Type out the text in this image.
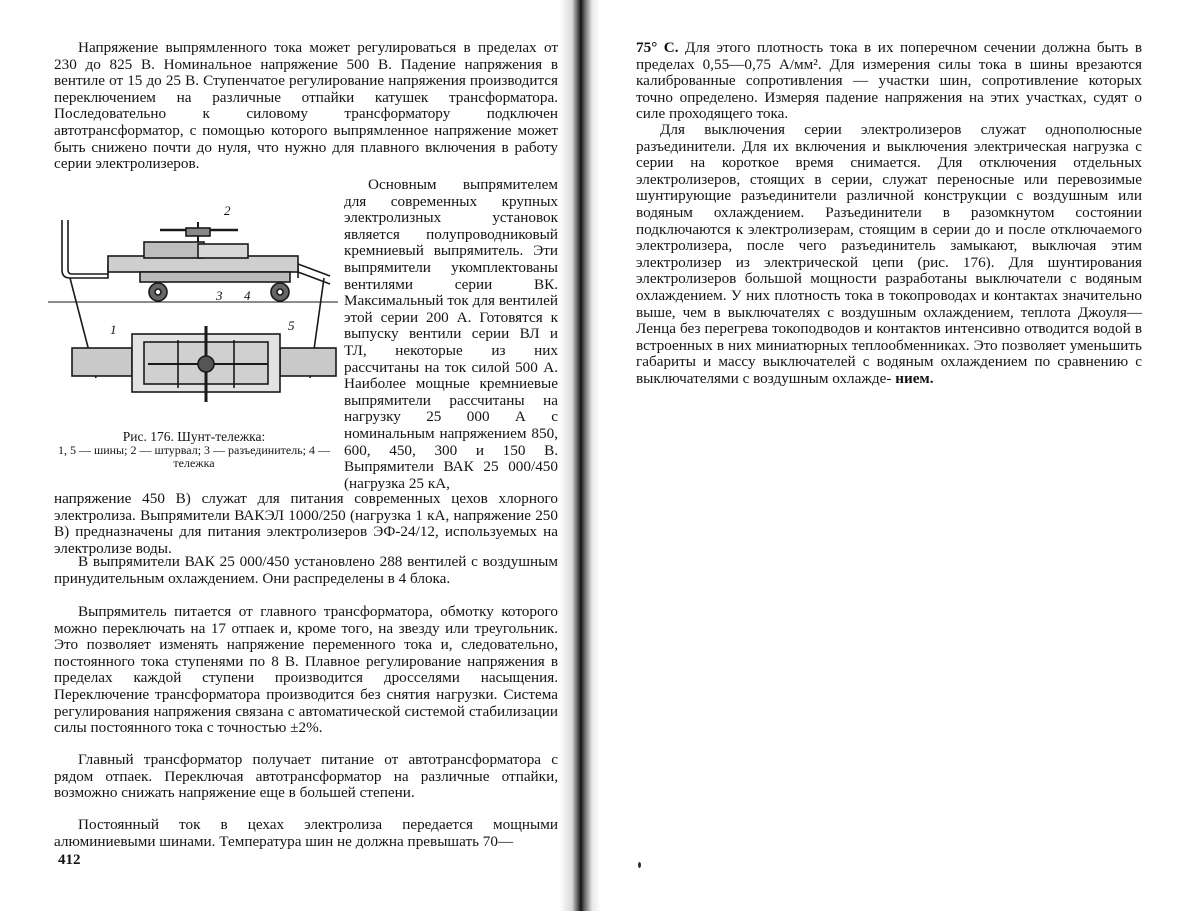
Напряжение выпрямленного тока может регулироваться в пределах от 230 до 825 В. Номинальное напряжение 500 В. Падение напряжения в вентиле от 15 до 25 В. Ступенчатое регулирование напряжения производится переключением на различные отпайки катушек трансформатора. Последовательно к силовому трансформатору подключен автотрансформатор, с помощью которого выпрямленное напряжение может быть снижено почти до нуля, что нужно для плавного включения в работу серии электролизеров.

2
3 4
1	5
Рис. 176. Шунт-тележка:
1, 5 — шины; 2 — штурвал; 3 — разъединитель; 4 — тележка

Основным выпрямителем для современных крупных электролизных установок является полупроводниковый кремниевый выпрямитель. Эти выпрямители укомплектованы вентилями серии ВК. Максимальный ток для вентилей этой серии 200 А. Готовятся к выпуску вентили серии ВЛ и ТЛ, некоторые из них рассчитаны на ток силой 500 А. Наиболее мощные кремниевые выпрямители рассчитаны на нагрузку 25 000 А с номинальным напряжением 850, 600, 450, 300 и 150 В. Выпрямители ВАК 25 000/450 (нагрузка 25 кА,

напряжение 450 В) служат для питания современных цехов хлорного электролиза. Выпрямители ВАКЭЛ 1000/250 (нагрузка 1 кА, напряжение 250 В) предназначены для питания электролизеров ЭФ-24/12, используемых на электролизе воды.

В выпрямители ВАК 25 000/450 установлено 288 вентилей с воздушным принудительным охлаждением. Они распределены в 4 блока.

Выпрямитель питается от главного трансформатора, обмотку которого можно переключать на 17 отпаек и, кроме того, на звезду или треугольник. Это позволяет изменять напряжение переменного тока и, следовательно, постоянного тока ступенями по 8 В. Плавное регулирование напряжения в пределах каждой ступени производится дросселями насыщения. Переключение трансформатора производится без снятия нагрузки. Система регулирования напряжения связана с автоматической системой стабилизации силы постоянного тока с точностью ±2%.

Главный трансформатор получает питание от автотрансформатора с рядом отпаек. Переключая автотрансформатор на различные отпайки, возможно снижать напряжение еще в большей степени.

Постоянный ток в цехах электролиза передается мощными алюминиевыми шинами. Температура шин не должна превышать 70—

412

75° С. Для этого плотность тока в их поперечном сечении должна быть в пределах 0,55—0,75 А/мм². Для измерения силы тока в шины врезаются калиброванные сопротивления — участки шин, сопротивление которых точно определено. Измеряя падение напряжения на этих участках, судят о силе проходящего тока.

Для выключения серии электролизеров служат однополюсные разъединители. Для их включения и выключения электрическая нагрузка с серии на короткое время снимается. Для отключения отдельных электролизеров, стоящих в серии, служат переносные или перевозимые шунтирующие разъединители различной конструкции с воздушным или водяным охлаждением. Разъединители в разомкнутом состоянии подключаются к электролизерам, стоящим в серии до и после отключаемого электролизера, после чего разъединитель замыкают, выключая этим электролизер из электрической цепи (рис. 176). Для шунтирования электролизеров большой мощности разработаны выключатели с водяным охлаждением. У них плотность тока в токопроводах и контактах значительно выше, чем в выключателях с воздушным охлаждением, теплота Джоуля—Ленца без перегрева токоподводов и контактов интенсивно отводится водой в встроенных в них миниатюрных теплообменниках. Это позволяет уменьшить габариты и массу выключателей с водяным охлаждением по сравнению с выключателями с воздушным охлажде- нием.
